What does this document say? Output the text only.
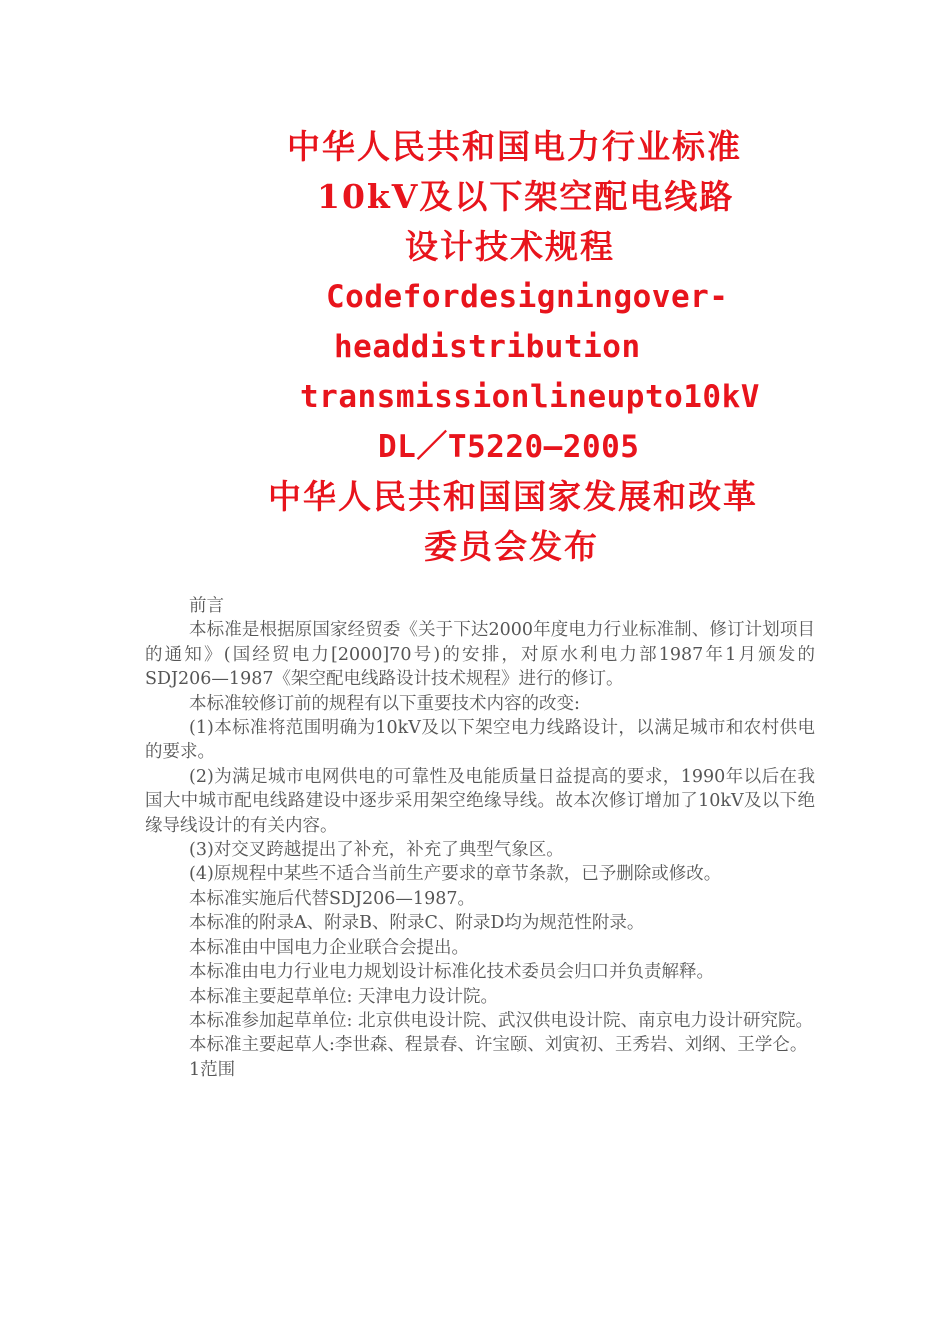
中华人民共和国电力行业标准
10kV及以下架空配电线路
设计技术规程
Codefordesigningover-
headdistribution
transmissionlineupto10kV
DL／T5220—2005
中华人民共和国国家发展和改革
委员会发布

前言

本标准是根据原国家经贸委《关于下达2000年度电力行业标准制、修订计划项目的通知》(国经贸电力[2000]70号)的安排，对原水利电力部1987年1月颁发的SDJ206—1987《架空配电线路设计技术规程》进行的修订。

本标准较修订前的规程有以下重要技术内容的改变:

(1)本标准将范围明确为10kV及以下架空电力线路设计，以满足城市和农村供电的要求。

(2)为满足城市电网供电的可靠性及电能质量日益提高的要求，1990年以后在我国大中城市配电线路建设中逐步采用架空绝缘导线。故本次修订增加了10kV及以下绝缘导线设计的有关内容。

(3)对交叉跨越提出了补充，补充了典型气象区。

(4)原规程中某些不适合当前生产要求的章节条款，已予删除或修改。

本标准实施后代替SDJ206—1987。

本标准的附录A、附录B、附录C、附录D均为规范性附录。

本标准由中国电力企业联合会提出。

本标准由电力行业电力规划设计标准化技术委员会归口并负责解释。

本标准主要起草单位: 天津电力设计院。

本标准参加起草单位: 北京供电设计院、武汉供电设计院、南京电力设计研究院。

本标准主要起草人:李世森、程景春、许宝颐、刘寅初、王秀岩、刘纲、王学仑。

1范围
